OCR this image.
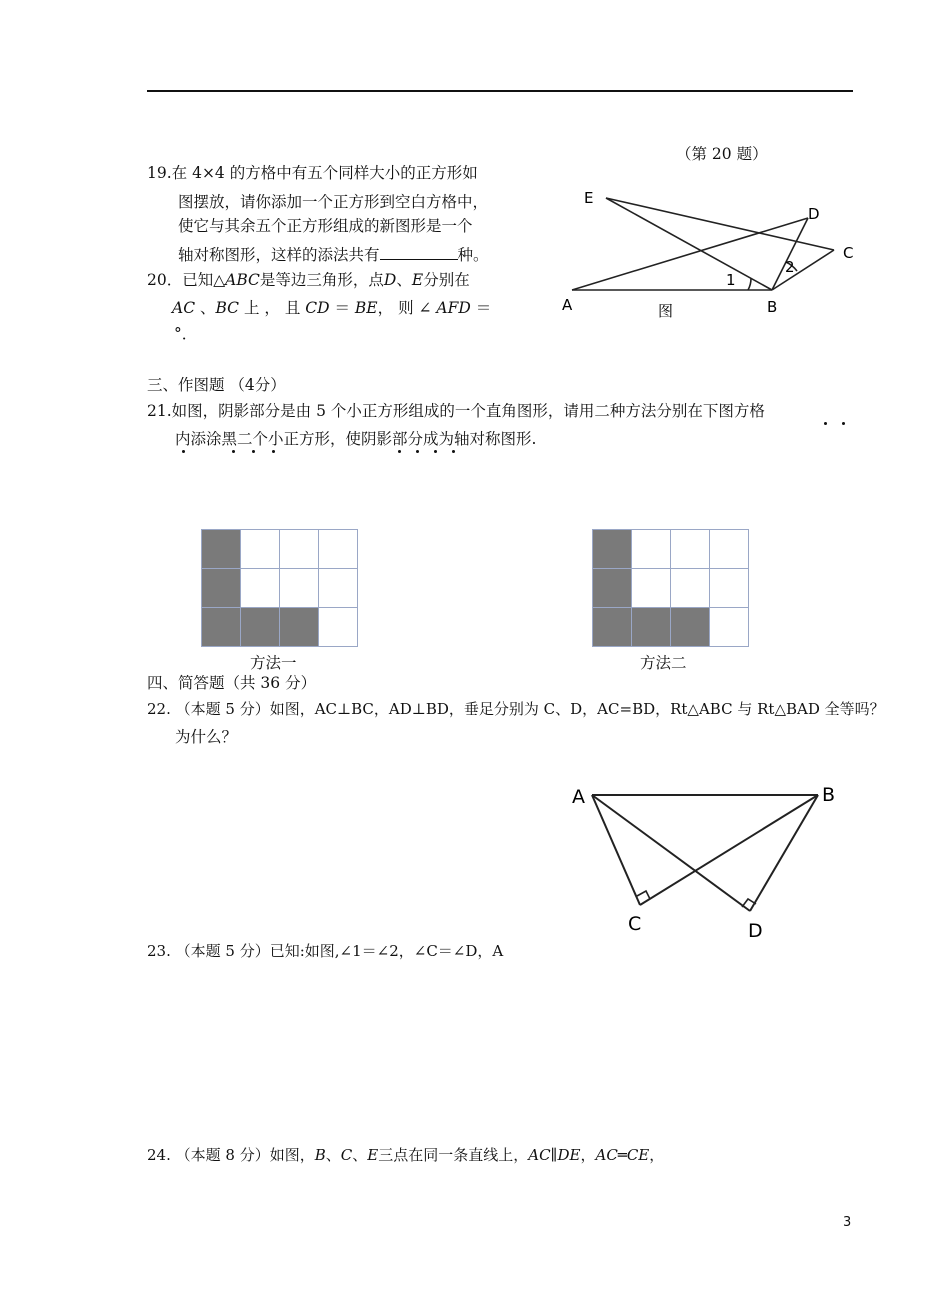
19.在 4×4 的方格中有五个同样大小的正方形如
图摆放，请你添加一个正方形到空白方格中，
使它与其余五个正方形组成的新图形是一个
轴对称图形，这样的添法共有	种。
20．已知△ABC是等边三角形，点D、E分别在
AC 、BC 上 ， 且 CD ＝ BE， 则 ∠ AFD ＝
°．
（第 20 题）
E
D
C
A	B
1
2
图
三、作图题 （4分）
21.如图，阴影部分是由 5 个小正方形组成的一个直角图形，请用二种方法分别在下图方格
内添涂黑二个小正方形，使阴影部分成为轴对称图形.

方法一

				方法二
四、简答题（共 36 分）
22. （本题 5 分）如图，AC⊥BC，AD⊥BD，垂足分别为 C、D，AC=BD，Rt△ABC 与 Rt△BAD 全等吗？
为什么？
A	B
C	D
23. （本题 5 分）已知:如图,∠1＝∠2，∠C＝∠D，A
24. （本题 8 分）如图，B、C、E三点在同一条直线上，AC∥DE，AC═CE，
3
